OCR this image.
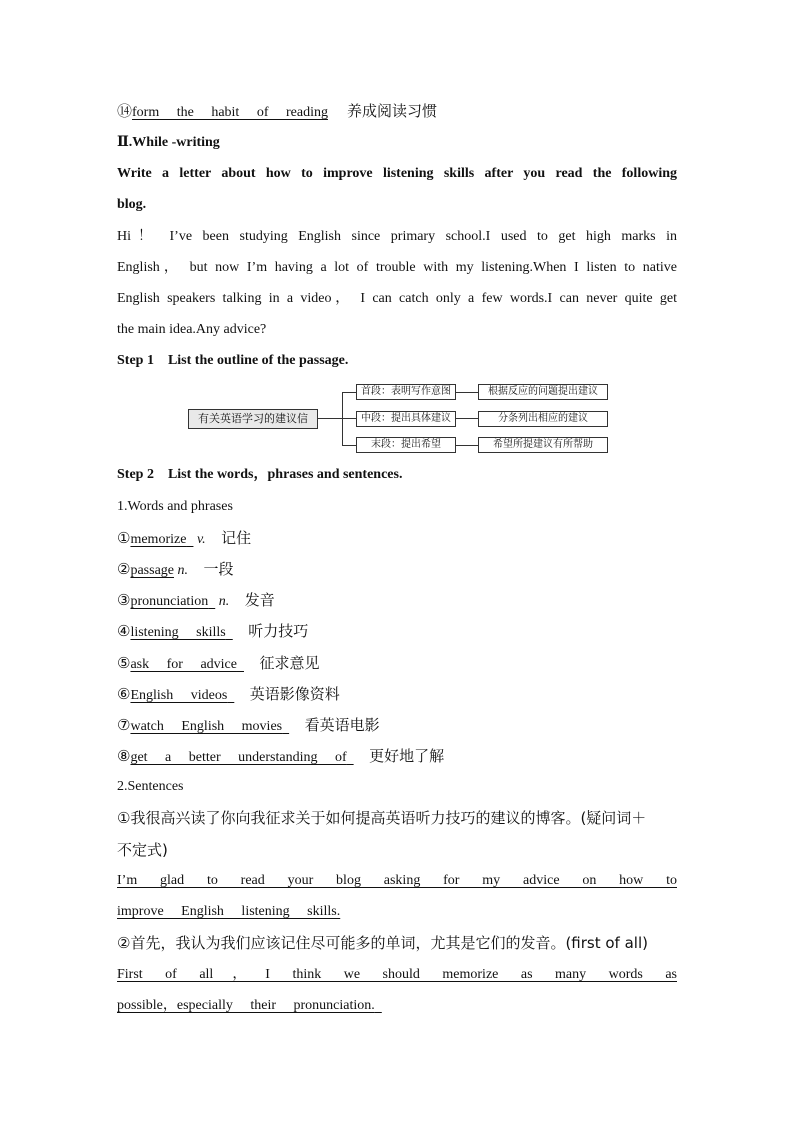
⑭form the habit of reading 养成阅读习惯
Ⅱ.While -writing
Write a letter about how to improve listening skills after you read the following
blog.
Hi！ I’ve been studying English since primary school.I used to get high marks in
English， but now I’m having a lot of trouble with my listening.When I listen to native
English speakers talking in a video， I can catch only a few words.I can never quite get
the main idea.Any advice?
Step 1　List the outline of the passage.
Step 2　List the words，phrases and sentences.
1.Words and phrases
①memorize v. 记住
②passage n. 一段
③pronunciation n. 发音
④listening skills 听力技巧
⑤ask for advice 征求意见
⑥English videos 英语影像资料
⑦watch English movies 看英语电影
⑧get a better understanding of 更好地了解
2.Sentences
①我很高兴读了你向我征求关于如何提高英语听力技巧的建议的博客。(疑问词＋
不定式)
I’m glad to read your blog asking for my advice on how to
improve English listening skills.
②首先，我认为我们应该记住尽可能多的单词，尤其是它们的发音。(first of all)
First of all，I think we should memorize as many words as
possible，especially their pronunciation.
有关英语学习的建议信
首段：表明写作意图
中段：提出具体建议
末段：提出希望
根据反应的问题提出建议
分条列出相应的建议
希望所提建议有所帮助
